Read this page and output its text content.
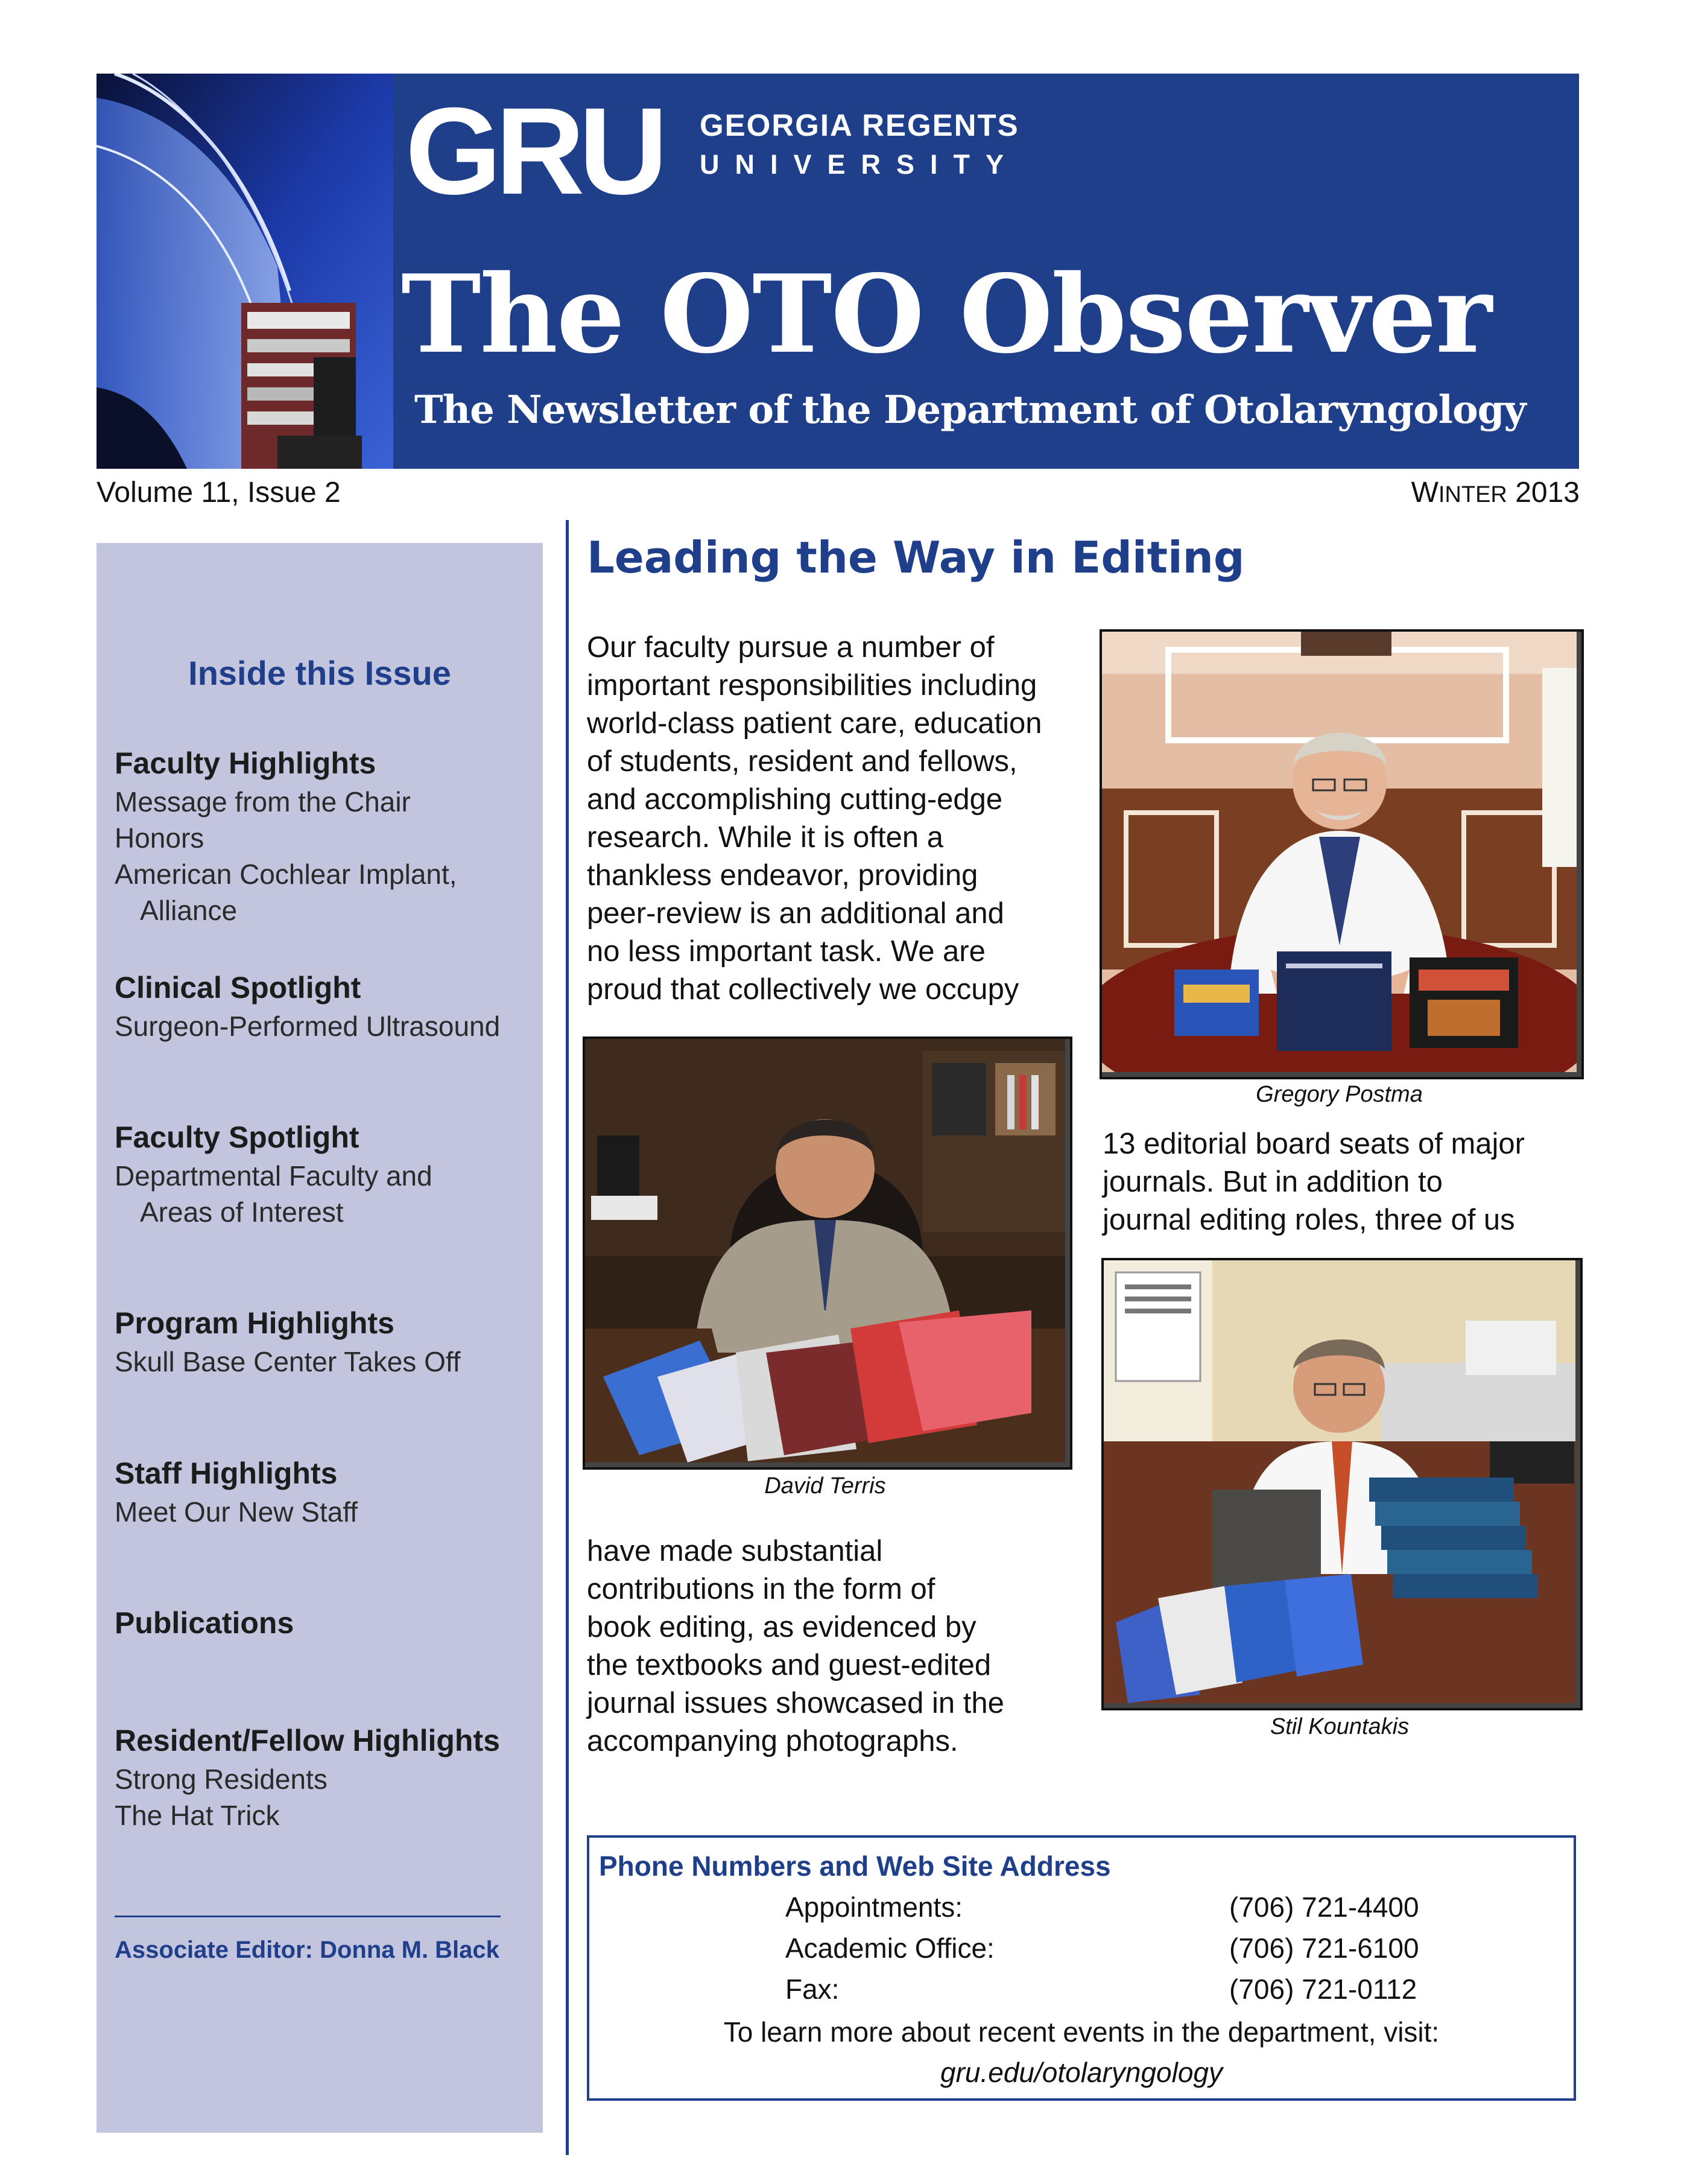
GRU GEORGIA REGENTS
UNIVERSITY
The OTO Observer
The Newsletter of the Department of Otolaryngology
Volume 11, Issue 2	WINTER 2013
Inside this Issue
Faculty Highlights
Message from the Chair
Honors
American Cochlear Implant,
Alliance
Clinical Spotlight
Surgeon-Performed Ultrasound
Faculty Spotlight
Departmental Faculty and
Areas of Interest
Program Highlights
Skull Base Center Takes Off
Staff Highlights
Meet Our New Staff
Publications
Resident/Fellow Highlights
Strong Residents
The Hat Trick
Associate Editor: Donna M. Black
Leading the Way in Editing
Our faculty pursue a number of
important responsibilities including
world-class patient care, education
of students, resident and fellows,
and accomplishing cutting-edge
research. While it is often a
thankless endeavor, providing
peer-review is an additional and
no less important task. We are
proud that collectively we occupy
Gregory Postma
13 editorial board seats of major
journals. But in addition to
journal editing roles, three of us
David Terris
Stil Kountakis
have made substantial
contributions in the form of
book editing, as evidenced by
the textbooks and guest-edited
journal issues showcased in the
accompanying photographs.
Phone Numbers and Web Site Address
Appointments:	(706) 721-4400
Academic Office:	(706) 721-6100
Fax:	(706) 721-0112
To learn more about recent events in the department, visit:
gru.edu/otolaryngology
